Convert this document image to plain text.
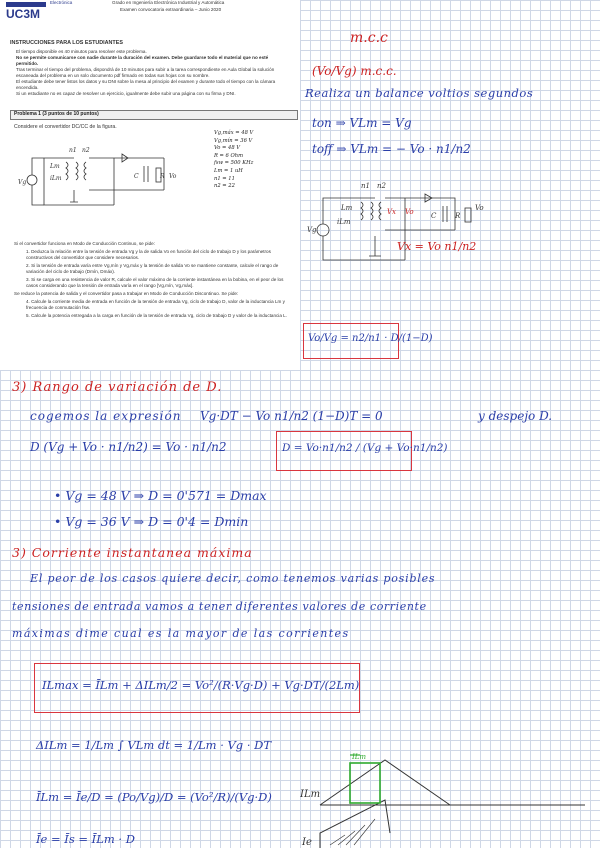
UC3M
Electrónica	Grado en Ingeniería Electrónica Industrial y Automática
Examen convocatoria extraordinaria – Junio 2020
INSTRUCCIONES PARA LOS ESTUDIANTES
El tiempo disponible es 40 minutos para resolver este problema.
No se permite comunicarse con nadie durante la duración del examen. Debe guardarse todo el material que no esté permitido.
Tras terminar el tiempo del problema, dispondrá de 10 minutos para subir a la tarea correspondiente en Aula Global la solución escaneada del problema en un solo documento pdf firmado en todas sus hojas con su nombre.
El estudiante debe tener listos los datos y su DNI sobre la mesa al principio del examen y durante todo el tiempo con la cámara encendida.
Si un estudiante no es capaz de resolver un ejercicio, igualmente debe subir una página con su firma y DNI.
Problema 1 (3 puntos de 10 puntos)
Considere el convertidor DC/CC de la figura.
Vg
n1 n2
Lm
iLm	C	R Vo
Vg,máx = 48 V
Vg,mín = 36 V
Vo = 48 V
R = 6 Ohm
fsw = 500 KHz
Lm = 1 uH
n1 = 11
n2 = 22
Si el convertidor funciona en Modo de Conducción Continuo, se pide:
1. Deduzca la relación entre la tensión de entrada Vg y la de salida Vo en función del ciclo de trabajo D y los parámetros constructivos del convertidor que considere necesarios.
2. Si la tensión de entrada varía entre Vg,mín y Vg,máx y la tensión de salida Vo se mantiene constante, calcule el rango de variación del ciclo de trabajo (Dmín, Dmáx).
3. Si se carga en una resistencia de valor R, calcule el valor máximo de la corriente instantánea en la bobina, en el peor de los casos considerando que la tensión de entrada varía en el rango [Vg,mín, Vg,máx].
Se reduce la potencia de salida y el convertidor pasa a trabajar en Modo de Conducción Discontinuo. Se pide:
4. Calcule la corriente media de entrada en función de la tensión de entrada Vg, ciclo de trabajo D, valor de la inductancia Lm y frecuencia de conmutación fsw.
5. Calcule la potencia entregada a la carga en función de la tensión de entrada Vg, ciclo de trabajo D y valor de la inductancia L.
m.c.c
(Vo/Vg) m.c.c.
Realiza un balance voltios segundos
ton ⇒ VLm = Vg
toff ⇒ VLm = − Vo · n1/n2
Vg
n1 n2
Lm
iLm
C	R
Vo
Vx Vo
Vx = Vo n1/n2
Vo/Vg = n2/n1 · D/(1−D)
3) Rango de variación de D.
cogemos la expresión Vg·DT − Vo n1/n2 (1−D)T = 0	y despejo D.
D (Vg + Vo · n1/n2) = Vo · n1/n2	D = Vo·n1/n2 / (Vg + Vo·n1/n2)
• Vg = 48 V ⇒ D = 0'571 = Dmax
• Vg = 36 V ⇒ D = 0'4 = Dmin
3) Corriente instantanea máxima
El peor de los casos quiere decir, como tenemos varias posibles
tensiones de entrada vamos a tener diferentes valores de corriente
máximas dime cual es la mayor de las corrientes
ILmax = ĪLm + ΔILm/2 = Vo²/(R·Vg·D) + Vg·DT/(2Lm)
ΔILm = 1/Lm ∫ VLm dt = 1/Lm · Vg · DT
ĪLm = Īe/D = (Po/Vg)/D = (Vo²/R)/(Vg·D)
Īe = Īs = ĪLm · D
ILm
ILm
Ie
